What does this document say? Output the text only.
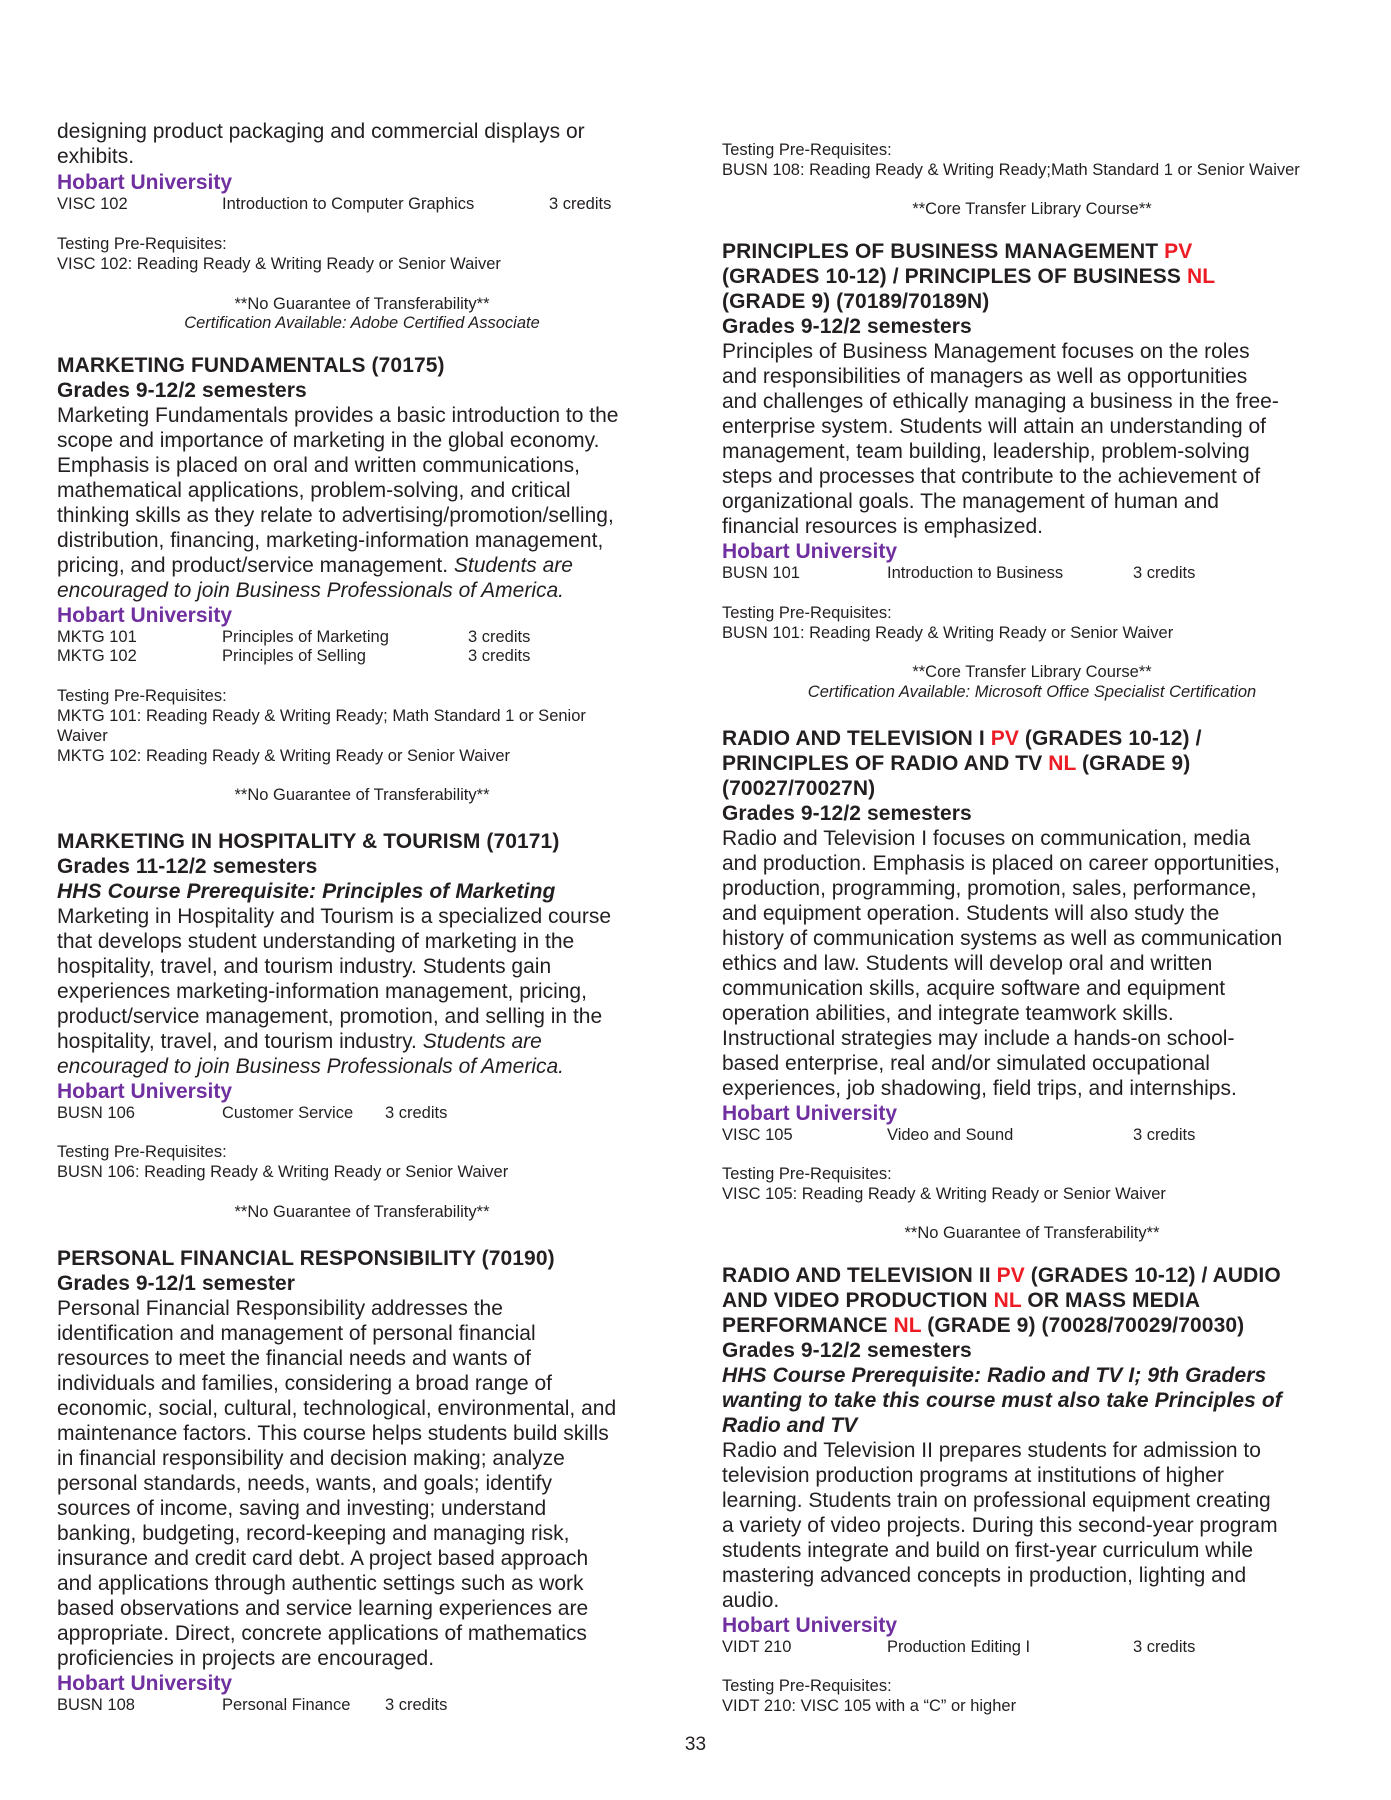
designing product packaging and commercial displays or
exhibits.
Hobart University
VISC 102	Introduction to Computer Graphics	3 credits
Testing Pre-Requisites:
VISC 102: Reading Ready & Writing Ready or Senior Waiver
**No Guarantee of Transferability**
Certification Available: Adobe Certified Associate
MARKETING FUNDAMENTALS (70175)
Grades 9-12/2 semesters
Marketing Fundamentals provides a basic introduction to the
scope and importance of marketing in the global economy.
Emphasis is placed on oral and written communications,
mathematical applications, problem-solving, and critical
thinking skills as they relate to advertising/promotion/selling,
distribution, financing, marketing-information management,
pricing, and product/service management. Students are
encouraged to join Business Professionals of America.
Hobart University
MKTG 101	Principles of Marketing	3 credits
MKTG 102	Principles of Selling	3 credits
Testing Pre-Requisites:
MKTG 101: Reading Ready & Writing Ready; Math Standard 1 or Senior
Waiver
MKTG 102: Reading Ready & Writing Ready or Senior Waiver
**No Guarantee of Transferability**
MARKETING IN HOSPITALITY & TOURISM (70171)
Grades 11-12/2 semesters
HHS Course Prerequisite: Principles of Marketing
Marketing in Hospitality and Tourism is a specialized course
that develops student understanding of marketing in the
hospitality, travel, and tourism industry. Students gain
experiences marketing-information management, pricing,
product/service management, promotion, and selling in the
hospitality, travel, and tourism industry. Students are
encouraged to join Business Professionals of America.
Hobart University
BUSN 106	Customer Service 3 credits
Testing Pre-Requisites:
BUSN 106: Reading Ready & Writing Ready or Senior Waiver
**No Guarantee of Transferability**
PERSONAL FINANCIAL RESPONSIBILITY (70190)
Grades 9-12/1 semester
Personal Financial Responsibility addresses the
identification and management of personal financial
resources to meet the financial needs and wants of
individuals and families, considering a broad range of
economic, social, cultural, technological, environmental, and
maintenance factors. This course helps students build skills
in financial responsibility and decision making; analyze
personal standards, needs, wants, and goals; identify
sources of income, saving and investing; understand
banking, budgeting, record-keeping and managing risk,
insurance and credit card debt. A project based approach
and applications through authentic settings such as work
based observations and service learning experiences are
appropriate. Direct, concrete applications of mathematics
proficiencies in projects are encouraged.
Hobart University
BUSN 108	Personal Finance 3 credits
Testing Pre-Requisites:
BUSN 108: Reading Ready & Writing Ready;Math Standard 1 or Senior Waiver
**Core Transfer Library Course**
PRINCIPLES OF BUSINESS MANAGEMENT PV
(GRADES 10-12) / PRINCIPLES OF BUSINESS NL
(GRADE 9) (70189/70189N)
Grades 9-12/2 semesters
Principles of Business Management focuses on the roles
and responsibilities of managers as well as opportunities
and challenges of ethically managing a business in the free-
enterprise system. Students will attain an understanding of
management, team building, leadership, problem-solving
steps and processes that contribute to the achievement of
organizational goals. The management of human and
financial resources is emphasized.
Hobart University
BUSN 101	Introduction to Business	3 credits
Testing Pre-Requisites:
BUSN 101: Reading Ready & Writing Ready or Senior Waiver
**Core Transfer Library Course**
Certification Available: Microsoft Office Specialist Certification
RADIO AND TELEVISION I PV (GRADES 10-12) /
PRINCIPLES OF RADIO AND TV NL (GRADE 9)
(70027/70027N)
Grades 9-12/2 semesters
Radio and Television I focuses on communication, media
and production. Emphasis is placed on career opportunities,
production, programming, promotion, sales, performance,
and equipment operation. Students will also study the
history of communication systems as well as communication
ethics and law. Students will develop oral and written
communication skills, acquire software and equipment
operation abilities, and integrate teamwork skills.
Instructional strategies may include a hands-on school-
based enterprise, real and/or simulated occupational
experiences, job shadowing, field trips, and internships.
Hobart University
VISC 105	Video and Sound	3 credits
Testing Pre-Requisites:
VISC 105: Reading Ready & Writing Ready or Senior Waiver
**No Guarantee of Transferability**
RADIO AND TELEVISION II PV (GRADES 10-12) / AUDIO
AND VIDEO PRODUCTION NL OR MASS MEDIA
PERFORMANCE NL (GRADE 9) (70028/70029/70030)
Grades 9-12/2 semesters
HHS Course Prerequisite: Radio and TV I; 9th Graders
wanting to take this course must also take Principles of
Radio and TV
Radio and Television II prepares students for admission to
television production programs at institutions of higher
learning. Students train on professional equipment creating
a variety of video projects. During this second-year program
students integrate and build on first-year curriculum while
mastering advanced concepts in production, lighting and
audio.
Hobart University
VIDT 210	Production Editing I	3 credits
Testing Pre-Requisites:
VIDT 210: VISC 105 with a “C” or higher
33
